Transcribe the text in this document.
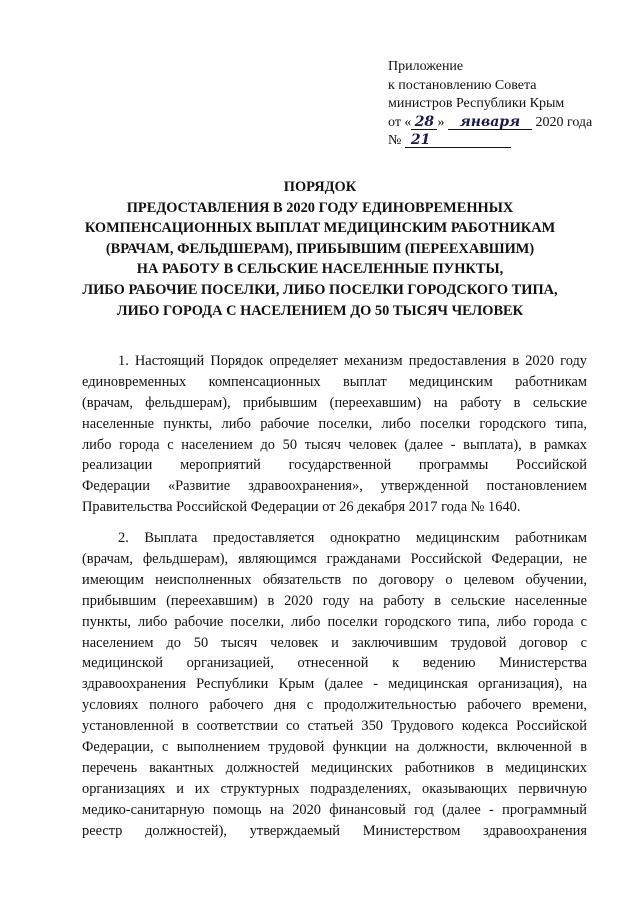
Приложение
к постановлению Совета
министров Республики Крым
от « 28 » января 2020 года
№ 21
ПОРЯДОК
ПРЕДОСТАВЛЕНИЯ В 2020 ГОДУ ЕДИНОВРЕМЕННЫХ
КОМПЕНСАЦИОННЫХ ВЫПЛАТ МЕДИЦИНСКИМ РАБОТНИКАМ
(ВРАЧАМ, ФЕЛЬДШЕРАМ), ПРИБЫВШИМ (ПЕРЕЕХАВШИМ)
НА РАБОТУ В СЕЛЬСКИЕ НАСЕЛЕННЫЕ ПУНКТЫ,
ЛИБО РАБОЧИЕ ПОСЕЛКИ, ЛИБО ПОСЕЛКИ ГОРОДСКОГО ТИПА,
ЛИБО ГОРОДА С НАСЕЛЕНИЕМ ДО 50 ТЫСЯЧ ЧЕЛОВЕК

1. Настоящий Порядок определяет механизм предоставления в 2020 году
единовременных компенсационных выплат медицинским работникам
(врачам, фельдшерам), прибывшим (переехавшим) на работу в сельские
населенные пункты, либо рабочие поселки, либо поселки городского типа,
либо города с населением до 50 тысяч человек (далее - выплата), в рамках
реализации мероприятий государственной программы Российской
Федерации «Развитие здравоохранения», утвержденной постановлением
Правительства Российской Федерации от 26 декабря 2017 года № 1640.

2. Выплата предоставляется однократно медицинским работникам
(врачам, фельдшерам), являющимся гражданами Российской Федерации, не
имеющим неисполненных обязательств по договору о целевом обучении,
прибывшим (переехавшим) в 2020 году на работу в сельские населенные
пункты, либо рабочие поселки, либо поселки городского типа, либо города с
населением до 50 тысяч человек и заключившим трудовой договор с
медицинской организацией, отнесенной к ведению Министерства
здравоохранения Республики Крым (далее - медицинская организация), на
условиях полного рабочего дня с продолжительностью рабочего времени,
установленной в соответствии со статьей 350 Трудового кодекса Российской
Федерации, с выполнением трудовой функции на должности, включенной в
перечень вакантных должностей медицинских работников в медицинских
организациях и их структурных подразделениях, оказывающих первичную
медико-санитарную помощь на 2020 финансовый год (далее - программный
реестр должностей), утверждаемый Министерством здравоохранения
